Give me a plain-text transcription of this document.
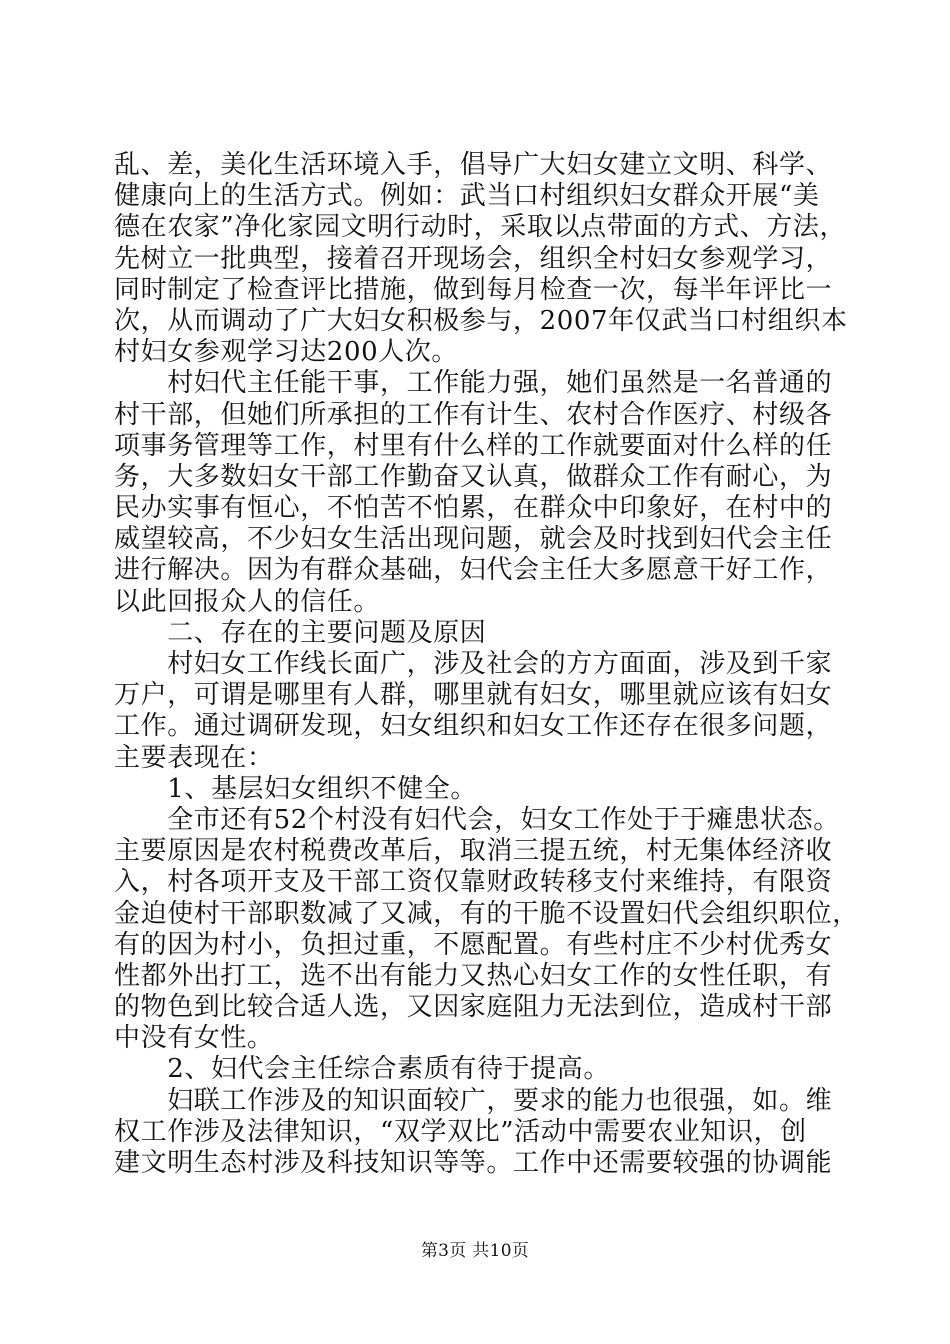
乱、差，美化生活环境入手，倡导广大妇女建立文明、科学、
健康向上的生活方式。例如：武当口村组织妇女群众开展“美
德在农家”净化家园文明行动时，采取以点带面的方式、方法，
先树立一批典型，接着召开现场会，组织全村妇女参观学习，
同时制定了检查评比措施，做到每月检查一次，每半年评比一
次，从而调动了广大妇女积极参与，2007年仅武当口村组织本
村妇女参观学习达200人次。
　　村妇代主任能干事，工作能力强，她们虽然是一名普通的
村干部，但她们所承担的工作有计生、农村合作医疗、村级各
项事务管理等工作，村里有什么样的工作就要面对什么样的任
务，大多数妇女干部工作勤奋又认真，做群众工作有耐心，为
民办实事有恒心，不怕苦不怕累，在群众中印象好，在村中的
威望较高，不少妇女生活出现问题，就会及时找到妇代会主任
进行解决。因为有群众基础，妇代会主任大多愿意干好工作，
以此回报众人的信任。
　　二、存在的主要问题及原因
　　村妇女工作线长面广，涉及社会的方方面面，涉及到千家
万户，可谓是哪里有人群，哪里就有妇女，哪里就应该有妇女
工作。通过调研发现，妇女组织和妇女工作还存在很多问题，
主要表现在：
　　1、基层妇女组织不健全。
　　全市还有52个村没有妇代会，妇女工作处于于瘫患状态。
主要原因是农村税费改革后，取消三提五统，村无集体经济收
入，村各项开支及干部工资仅靠财政转移支付来维持，有限资
金迫使村干部职数减了又减，有的干脆不设置妇代会组织职位，
有的因为村小，负担过重，不愿配置。有些村庄不少村优秀女
性都外出打工，选不出有能力又热心妇女工作的女性任职，有
的物色到比较合适人选，又因家庭阻力无法到位，造成村干部
中没有女性。
　　2、妇代会主任综合素质有待于提高。
　　妇联工作涉及的知识面较广，要求的能力也很强，如。维
权工作涉及法律知识，“双学双比”活动中需要农业知识，创
建文明生态村涉及科技知识等等。工作中还需要较强的协调能
第3页 共10页
